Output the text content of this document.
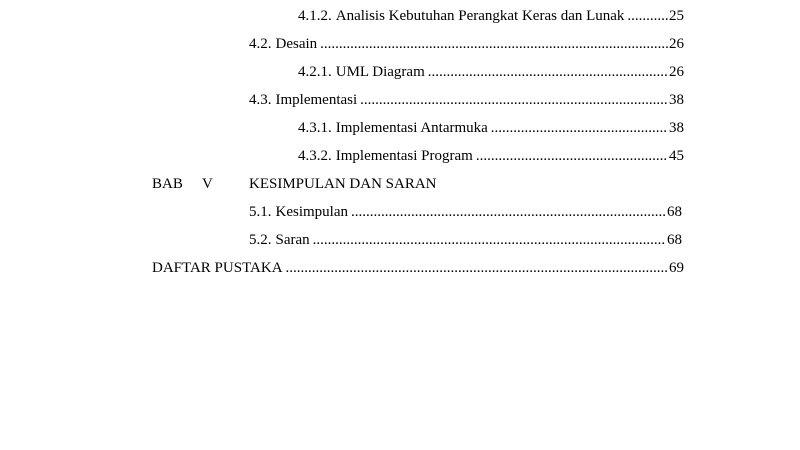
4.1.2. Analisis Kebutuhan Perangkat Keras dan Lunak .....	25
4.2. Desain .....	26
4.2.1. UML Diagram .....	26
4.3. Implementasi .....	38
4.3.1. Implementasi Antarmuka .....	38
4.3.2. Implementasi Program .....	45
BAB V KESIMPULAN DAN SARAN
5.1. Kesimpulan .....	68
5.2. Saran .....	68
DAFTAR PUSTAKA .....	69
